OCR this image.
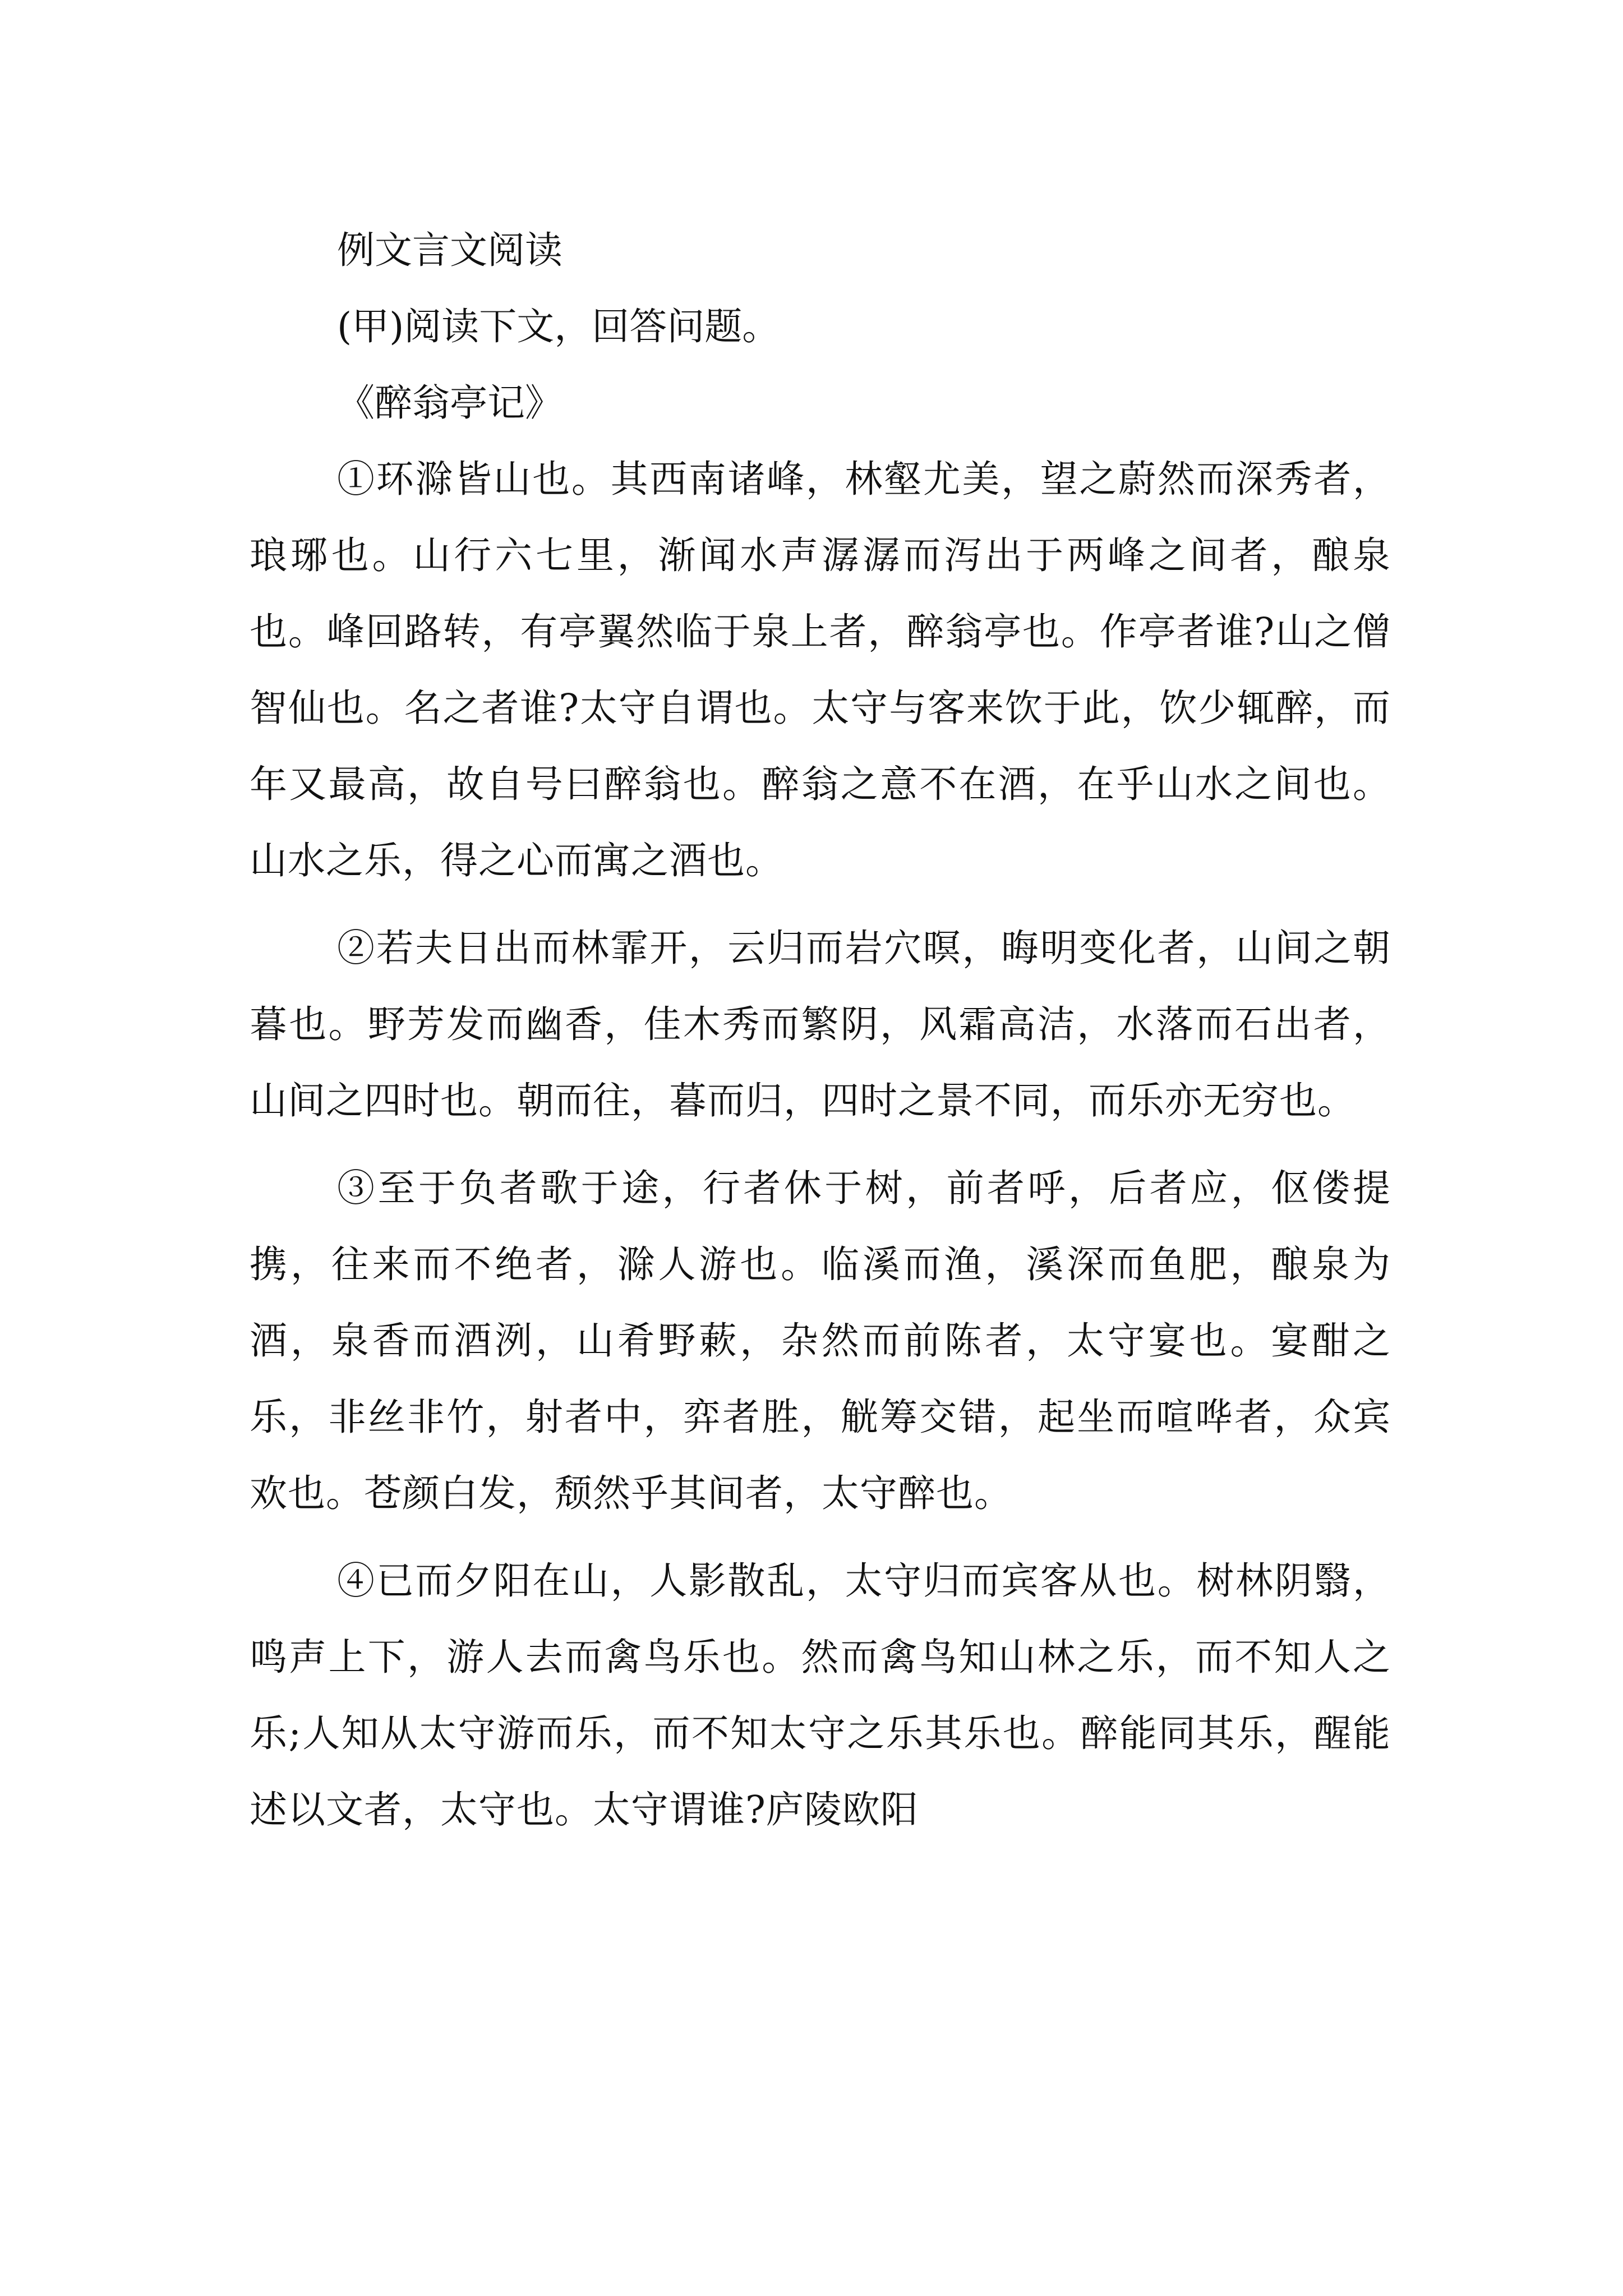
例文言文阅读

(甲)阅读下文，回答问题。

《醉翁亭记》

①环滁皆山也。其西南诸峰，林壑尤美，望之蔚然而深秀者，琅琊也。山行六七里，渐闻水声潺潺而泻出于两峰之间者，酿泉也。峰回路转，有亭翼然临于泉上者，醉翁亭也。作亭者谁?山之僧智仙也。名之者谁?太守自谓也。太守与客来饮于此，饮少辄醉，而年又最高，故自号曰醉翁也。醉翁之意不在酒，在乎山水之间也。山水之乐，得之心而寓之酒也。

②若夫日出而林霏开，云归而岩穴暝，晦明变化者，山间之朝暮也。野芳发而幽香，佳木秀而繁阴，风霜高洁，水落而石出者，山间之四时也。朝而往，暮而归，四时之景不同，而乐亦无穷也。

③至于负者歌于途，行者休于树，前者呼，后者应，伛偻提携，往来而不绝者，滁人游也。临溪而渔，溪深而鱼肥，酿泉为酒，泉香而酒洌，山肴野蔌，杂然而前陈者，太守宴也。宴酣之乐，非丝非竹，射者中，弈者胜，觥筹交错，起坐而喧哗者，众宾欢也。苍颜白发，颓然乎其间者，太守醉也。

④已而夕阳在山，人影散乱，太守归而宾客从也。树林阴翳，鸣声上下，游人去而禽鸟乐也。然而禽鸟知山林之乐，而不知人之乐;人知从太守游而乐，而不知太守之乐其乐也。醉能同其乐，醒能述以文者，太守也。太守谓谁?庐陵欧阳
